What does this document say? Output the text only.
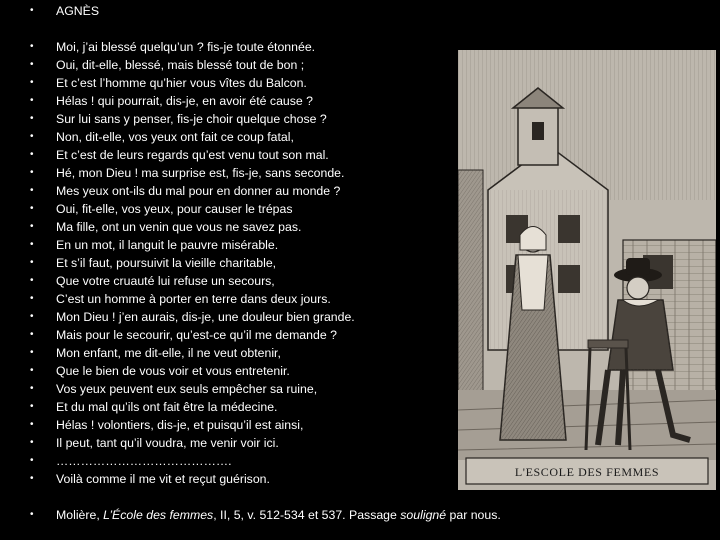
L'ESCOLE DES FEMMES
•	AGNÈS
•	Moi, j’ai blessé quelqu’un ? fis-je toute étonnée.
•	Oui, dit-elle, blessé, mais blessé tout de bon ;
•	Et c’est l’homme qu’hier vous vîtes du Balcon.
•	Hélas ! qui pourrait, dis-je, en avoir été cause ?
•	Sur lui sans y penser, fis-je choir quelque chose ?
•	Non, dit-elle, vos yeux ont fait ce coup fatal,
•	Et c’est de leurs regards qu’est venu tout son mal.
•	Hé, mon Dieu ! ma surprise est, fis-je, sans seconde.
•	Mes yeux ont-ils du mal pour en donner au monde ?
•	Oui, fit-elle, vos yeux, pour causer le trépas
•	Ma fille, ont un venin que vous ne savez pas.
•	En un mot, il languit le pauvre misérable.
•	Et s’il faut, poursuivit la vieille charitable,
•	Que votre cruauté lui refuse un secours,
•	C’est un homme à porter en terre dans deux jours.
•	Mon Dieu ! j’en aurais, dis-je, une douleur bien grande.
•	Mais pour le secourir, qu’est-ce qu’il me demande ?
•	Mon enfant, me dit-elle, il ne veut obtenir,
•	Que le bien de vous voir et vous entretenir.
•	Vos yeux peuvent eux seuls empêcher sa ruine,
•	Et du mal qu’ils ont fait être la médecine.
•	Hélas ! volontiers, dis-je, et puisqu’il est ainsi,
•	Il peut, tant qu’il voudra, me venir voir ici.
•	…………………………………….
•	Voilà comme il me vit et reçut guérison.
•	Molière, L’École des femmes, II, 5, v. 512-534 et 537. Passage souligné par nous.
